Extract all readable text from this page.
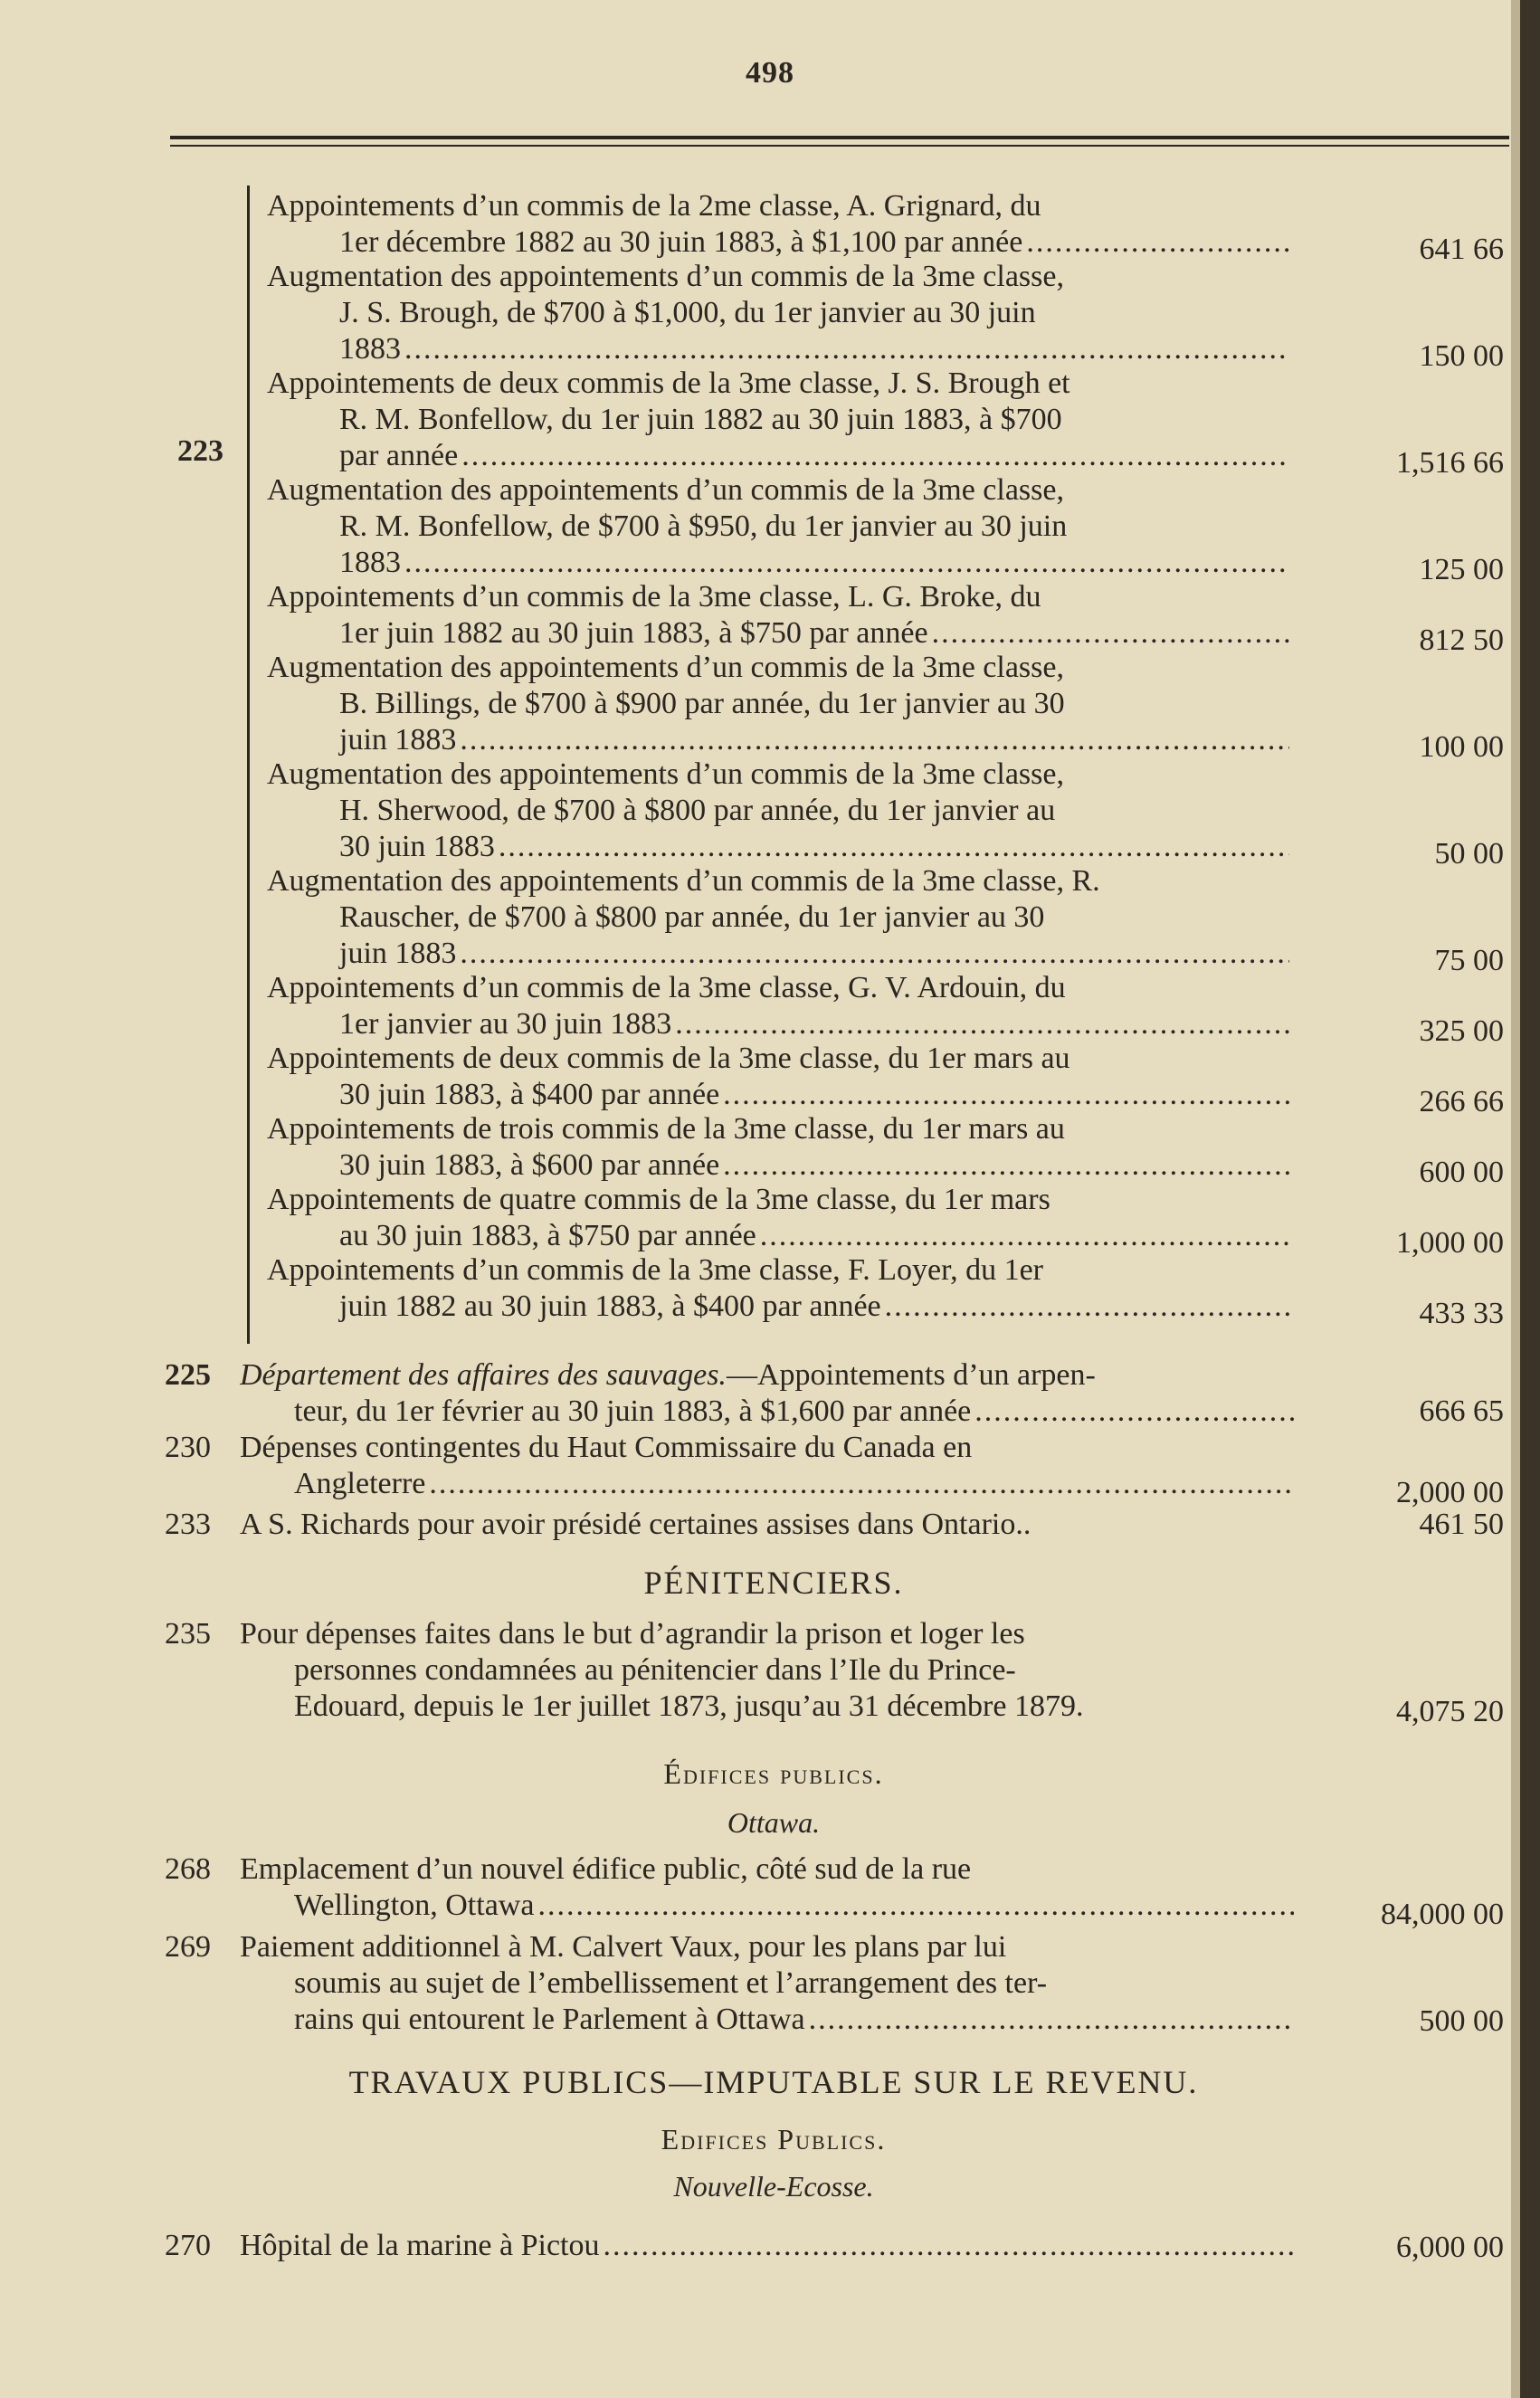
498
223
Appointements d’un commis de la 2me classe, A. Grignard, du
1er décembre 1882 au 30 juin 1883, à $1,100 par année .....	641 66
Augmentation des appointements d’un commis de la 3me classe,
J. S. Brough, de $700 à $1,000, du 1er janvier au 30 juin
1883 .....	150 00
Appointements de deux commis de la 3me classe, J. S. Brough et
R. M. Bonfellow, du 1er juin 1882 au 30 juin 1883, à $700
par année .....	1,516 66
Augmentation des appointements d’un commis de la 3me classe,
R. M. Bonfellow, de $700 à $950, du 1er janvier au 30 juin
1883 .....	125 00
Appointements d’un commis de la 3me classe, L. G. Broke, du
1er juin 1882 au 30 juin 1883, à $750 par année .....	812 50
Augmentation des appointements d’un commis de la 3me classe,
B. Billings, de $700 à $900 par année, du 1er janvier au 30
juin 1883 .....	100 00
Augmentation des appointements d’un commis de la 3me classe,
H. Sherwood, de $700 à $800 par année, du 1er janvier au
30 juin 1883 .....	50 00
Augmentation des appointements d’un commis de la 3me classe, R.
Rauscher, de $700 à $800 par année, du 1er janvier au 30
juin 1883 .....	75 00
Appointements d’un commis de la 3me classe, G. V. Ardouin, du
1er janvier au 30 juin 1883 .....	325 00
Appointements de deux commis de la 3me classe, du 1er mars au
30 juin 1883, à $400 par année .....	266 66
Appointements de trois commis de la 3me classe, du 1er mars au
30 juin 1883, à $600 par année .....	600 00
Appointements de quatre commis de la 3me classe, du 1er mars
au 30 juin 1883, à $750 par année .....	1,000 00
Appointements d’un commis de la 3me classe, F. Loyer, du 1er
juin 1882 au 30 juin 1883, à $400 par année .....	433 33
225 Département des affaires des sauvages.—Appointements d’un arpen-
teur, du 1er février au 30 juin 1883, à $1,600 par année .....	666 65
230 Dépenses contingentes du Haut Commissaire du Canada en
Angleterre .....	2,000 00
233 A S. Richards pour avoir présidé certaines assises dans Ontario..	461 50
PÉNITENCIERS.
235 Pour dépenses faites dans le but d’agrandir la prison et loger les
personnes condamnées au pénitencier dans l’Ile du Prince-
Edouard, depuis le 1er juillet 1873, jusqu’au 31 décembre 1879.	4,075 20
Édifices publics.
Ottawa.
268 Emplacement d’un nouvel édifice public, côté sud de la rue
Wellington, Ottawa .....	84,000 00
269 Paiement additionnel à M. Calvert Vaux, pour les plans par lui
soumis au sujet de l’embellissement et l’arrangement des ter-
rains qui entourent le Parlement à Ottawa .....	500 00
TRAVAUX PUBLICS—IMPUTABLE SUR LE REVENU.
Edifices Publics.
Nouvelle-Ecosse.
270 Hôpital de la marine à Pictou .....	6,000 00
